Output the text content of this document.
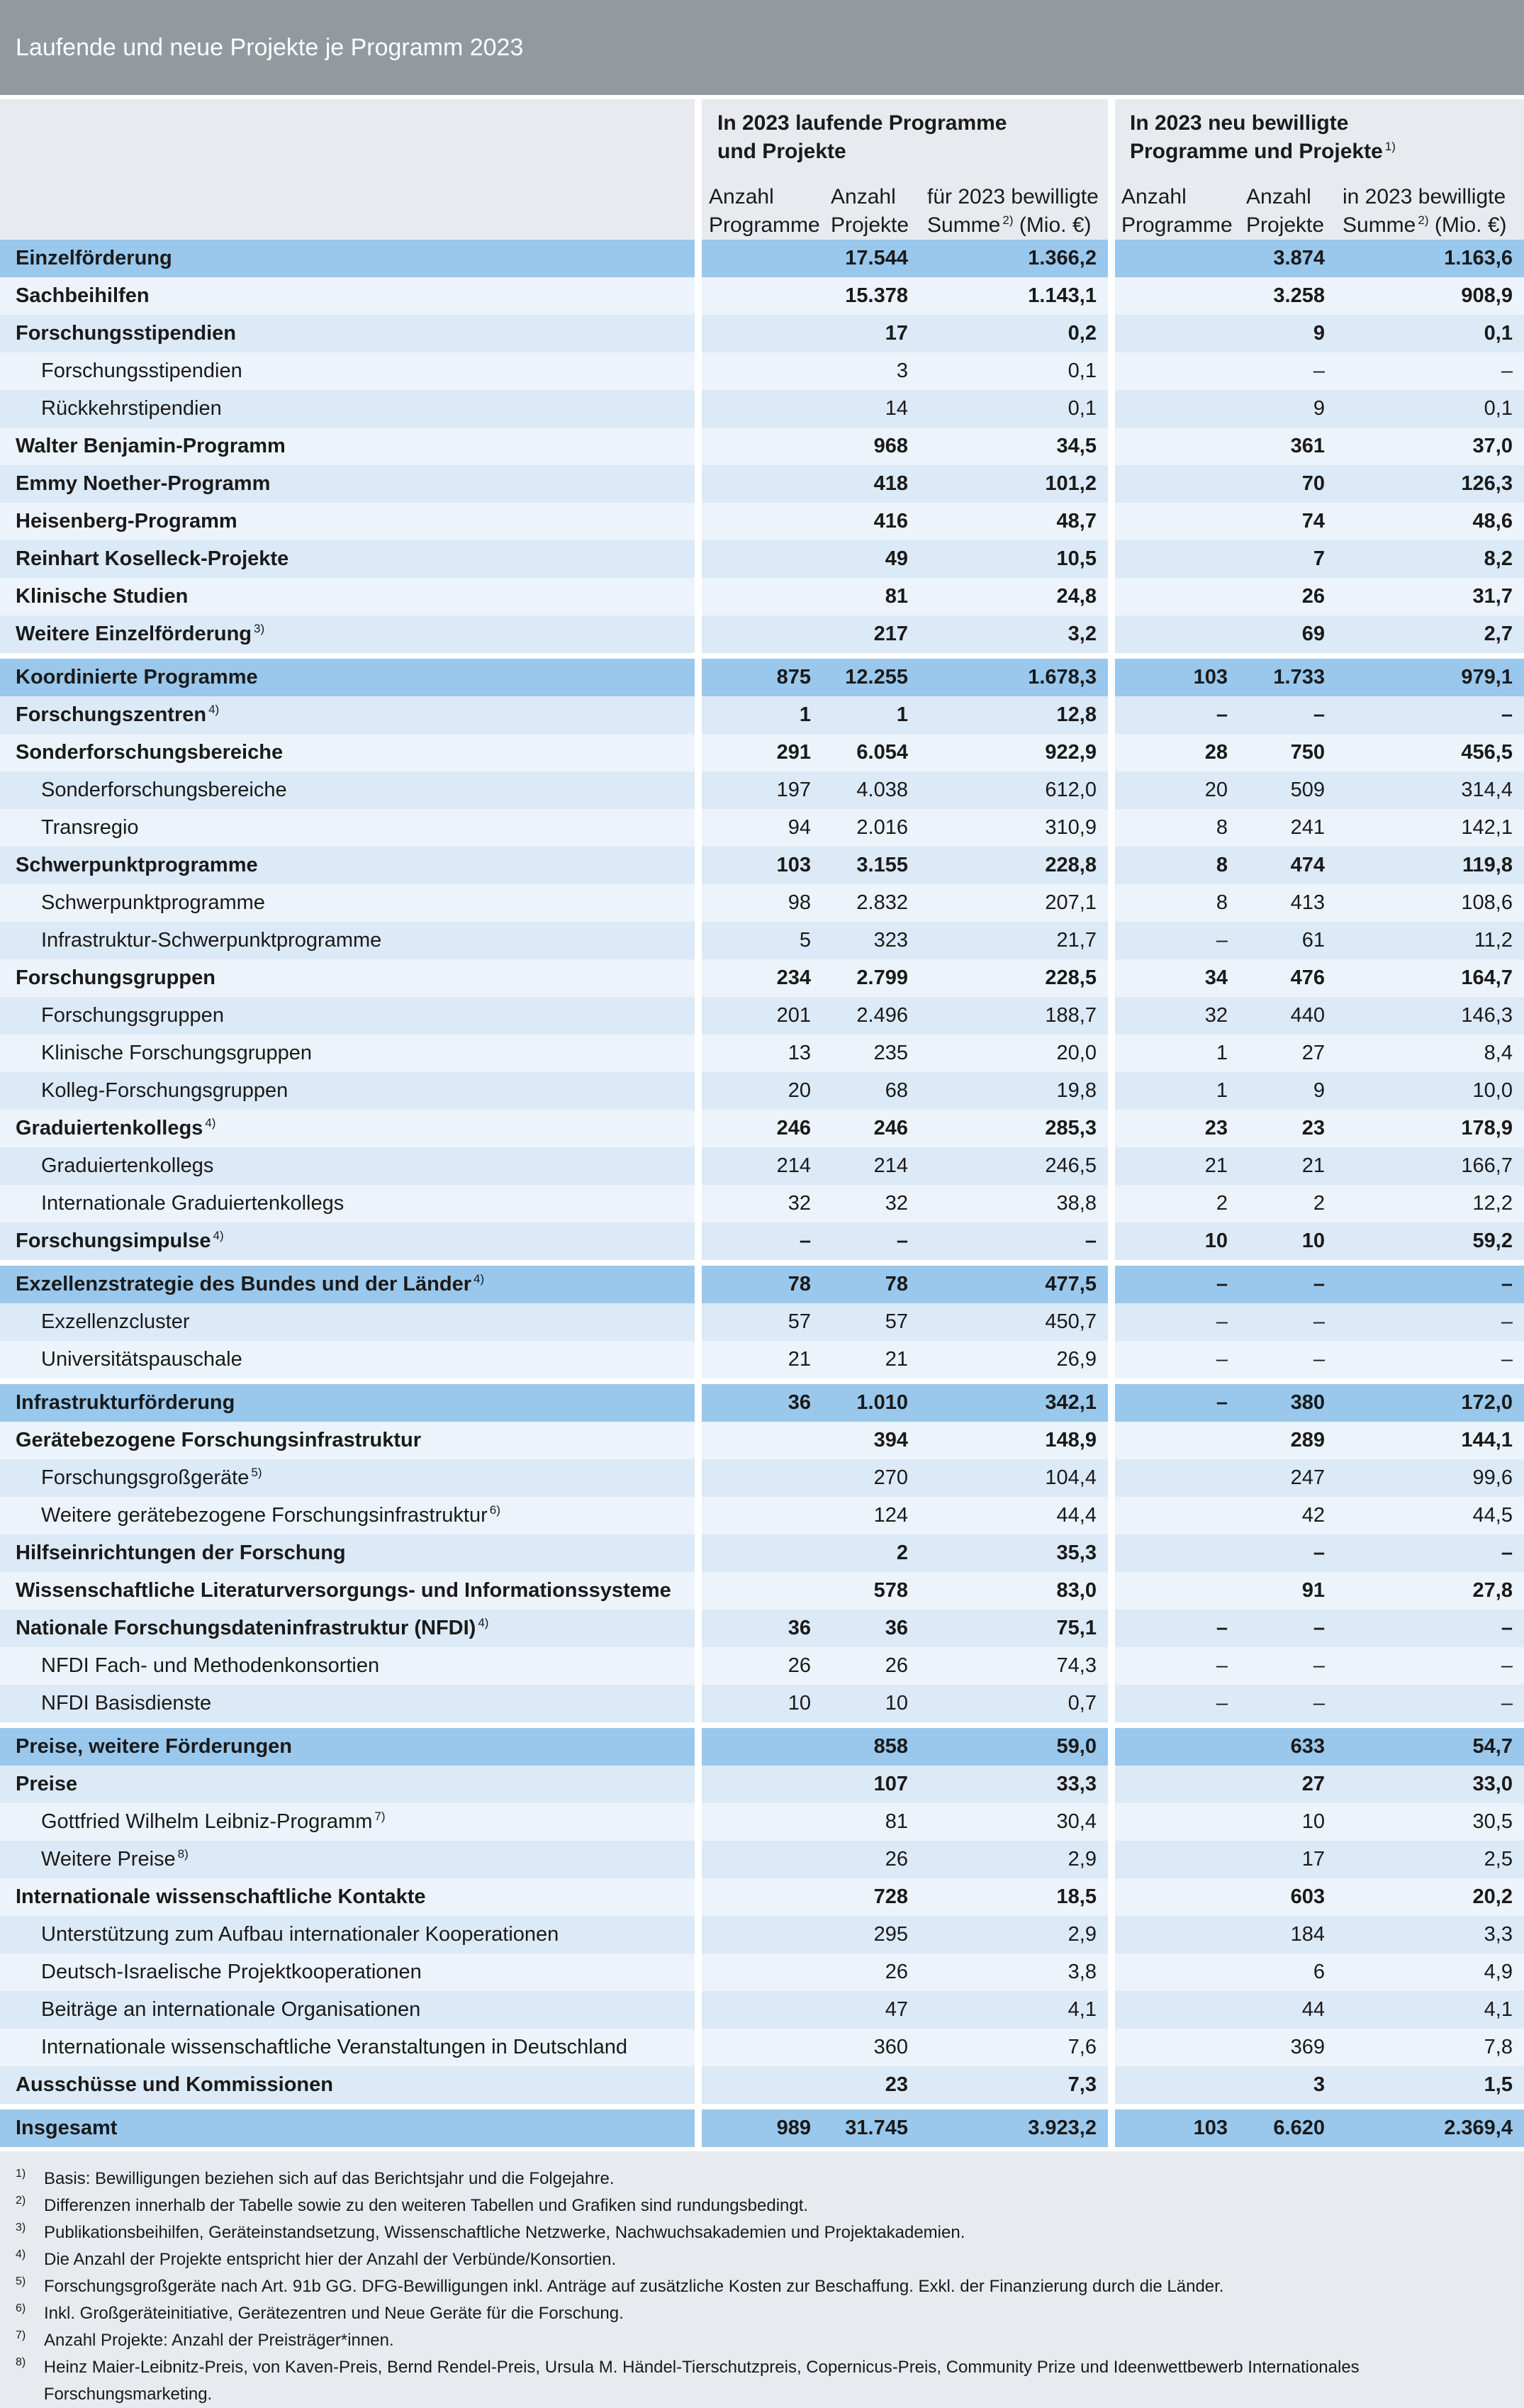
Laufende und neue Projekte je Programm 2023
In 2023 laufende Programme
und Projekte
In 2023 neu bewilligte
Programme und Projekte $^{1)}$
Anzahl
Programme
Anzahl
Projekte
für 2023 bewilligte
Summe $^{2)}$ (Mio. €)
Anzahl
Programme
Anzahl
Projekte
in 2023 bewilligte
Summe $^{2)}$ (Mio. €)
Einzelförderung			17.544	1.366,2			3.874	1.163,6
Sachbeihilfen			15.378	1.143,1			3.258	908,9
Forschungsstipendien			17	0,2			9	0,1
Forschungsstipendien			3	0,1			–	–
Rückkehrstipendien			14	0,1			9	0,1
Walter Benjamin-Programm			968	34,5			361	37,0
Emmy Noether-Programm			418	101,2			70	126,3
Heisenberg-Programm			416	48,7			74	48,6
Reinhart Koselleck-Projekte			49	10,5			7	8,2
Klinische Studien			81	24,8			26	31,7
Weitere Einzelförderung $^{3)}$			217	3,2			69	2,7
Koordinierte Programme		875	12.255	1.678,3		103	1.733	979,1
Forschungszentren $^{4)}$		1	1	12,8		–	–	–
Sonderforschungsbereiche		291	6.054	922,9		28	750	456,5
Sonderforschungsbereiche		197	4.038	612,0		20	509	314,4
Transregio		94	2.016	310,9		8	241	142,1
Schwerpunktprogramme		103	3.155	228,8		8	474	119,8
Schwerpunktprogramme		98	2.832	207,1		8	413	108,6
Infrastruktur-Schwerpunktprogramme		5	323	21,7		–	61	11,2
Forschungsgruppen		234	2.799	228,5		34	476	164,7
Forschungsgruppen		201	2.496	188,7		32	440	146,3
Klinische Forschungsgruppen		13	235	20,0		1	27	8,4
Kolleg-Forschungsgruppen		20	68	19,8		1	9	10,0
Graduiertenkollegs $^{4)}$		246	246	285,3		23	23	178,9
Graduiertenkollegs		214	214	246,5		21	21	166,7
Internationale Graduiertenkollegs		32	32	38,8		2	2	12,2
Forschungsimpulse $^{4)}$		–	–	–		10	10	59,2
Exzellenzstrategie des Bundes und der Länder $^{4)}$		78	78	477,5		–	–	–
Exzellenzcluster		57	57	450,7		–	–	–
Universitätspauschale		21	21	26,9		–	–	–
Infrastrukturförderung		36	1.010	342,1		–	380	172,0
Gerätebezogene Forschungsinfrastruktur			394	148,9			289	144,1
Forschungsgroßgeräte $^{5)}$			270	104,4			247	99,6
Weitere gerätebezogene Forschungsinfrastruktur $^{6)}$			124	44,4			42	44,5
Hilfseinrichtungen der Forschung			2	35,3			–	–
Wissenschaftliche Literaturversorgungs- und Informationssysteme			578	83,0			91	27,8
Nationale Forschungsdateninfrastruktur (NFDI) $^{4)}$		36	36	75,1		–	–	–
NFDI Fach- und Methodenkonsortien		26	26	74,3		–	–	–
NFDI Basisdienste		10	10	0,7		–	–	–
Preise, weitere Förderungen			858	59,0			633	54,7
Preise			107	33,3			27	33,0
Gottfried Wilhelm Leibniz-Programm $^{7)}$			81	30,4			10	30,5
Weitere Preise $^{8)}$			26	2,9			17	2,5
Internationale wissenschaftliche Kontakte			728	18,5			603	20,2
Unterstützung zum Aufbau internationaler Kooperationen			295	2,9			184	3,3
Deutsch-Israelische Projektkooperationen			26	3,8			6	4,9
Beiträge an internationale Organisationen			47	4,1			44	4,1
Internationale wissenschaftliche Veranstaltungen in Deutschland			360	7,6			369	7,8
Ausschüsse und Kommissionen			23	7,3			3	1,5
Insgesamt		989	31.745	3.923,2		103	6.620	2.369,4
1)	Basis: Bewilligungen beziehen sich auf das Berichtsjahr und die Folgejahre.
2)	Differenzen innerhalb der Tabelle sowie zu den weiteren Tabellen und Grafiken sind rundungsbedingt.
3)	Publikationsbeihilfen, Geräteinstandsetzung, Wissenschaftliche Netzwerke, Nachwuchsakademien und Projektakademien.
4)	Die Anzahl der Projekte entspricht hier der Anzahl der Verbünde/Konsortien.
5)	Forschungsgroßgeräte nach Art. 91b GG. DFG-Bewilligungen inkl. Anträge auf zusätzliche Kosten zur Beschaffung. Exkl. der Finanzierung durch die Länder.
6)	Inkl. Großgeräteinitiative, Gerätezentren und Neue Geräte für die Forschung.
7)	Anzahl Projekte: Anzahl der Preisträger*innen.
8)	Heinz Maier-Leibnitz-Preis, von Kaven-Preis, Bernd Rendel-Preis, Ursula M. Händel-Tierschutzpreis, Copernicus-Preis, Community Prize und Ideenwettbewerb Internationales Forschungsmarketing.
